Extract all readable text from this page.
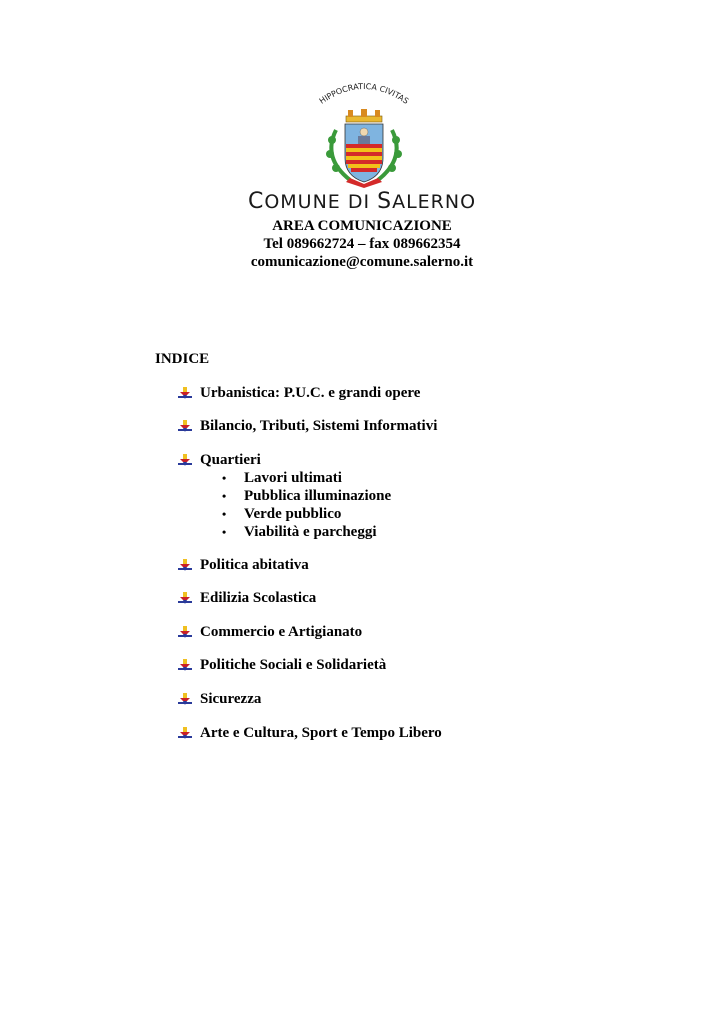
HIPPOCRATICA CIVITAS
COMUNE DI SALERNO
AREA COMUNICAZIONE
Tel 089662724 – fax 089662354
comunicazione@comune.salerno.it
INDICE
Urbanistica: P.U.C. e grandi opere
Bilancio, Tributi, Sistemi Informativi
Quartieri
Politica abitativa
Edilizia Scolastica
Commercio e Artigianato
Politiche Sociali e Solidarietà
Sicurezza
Arte e Cultura, Sport e Tempo Libero
•	Lavori ultimati
•	Pubblica illuminazione
•	Verde pubblico
•	Viabilità e parcheggi
